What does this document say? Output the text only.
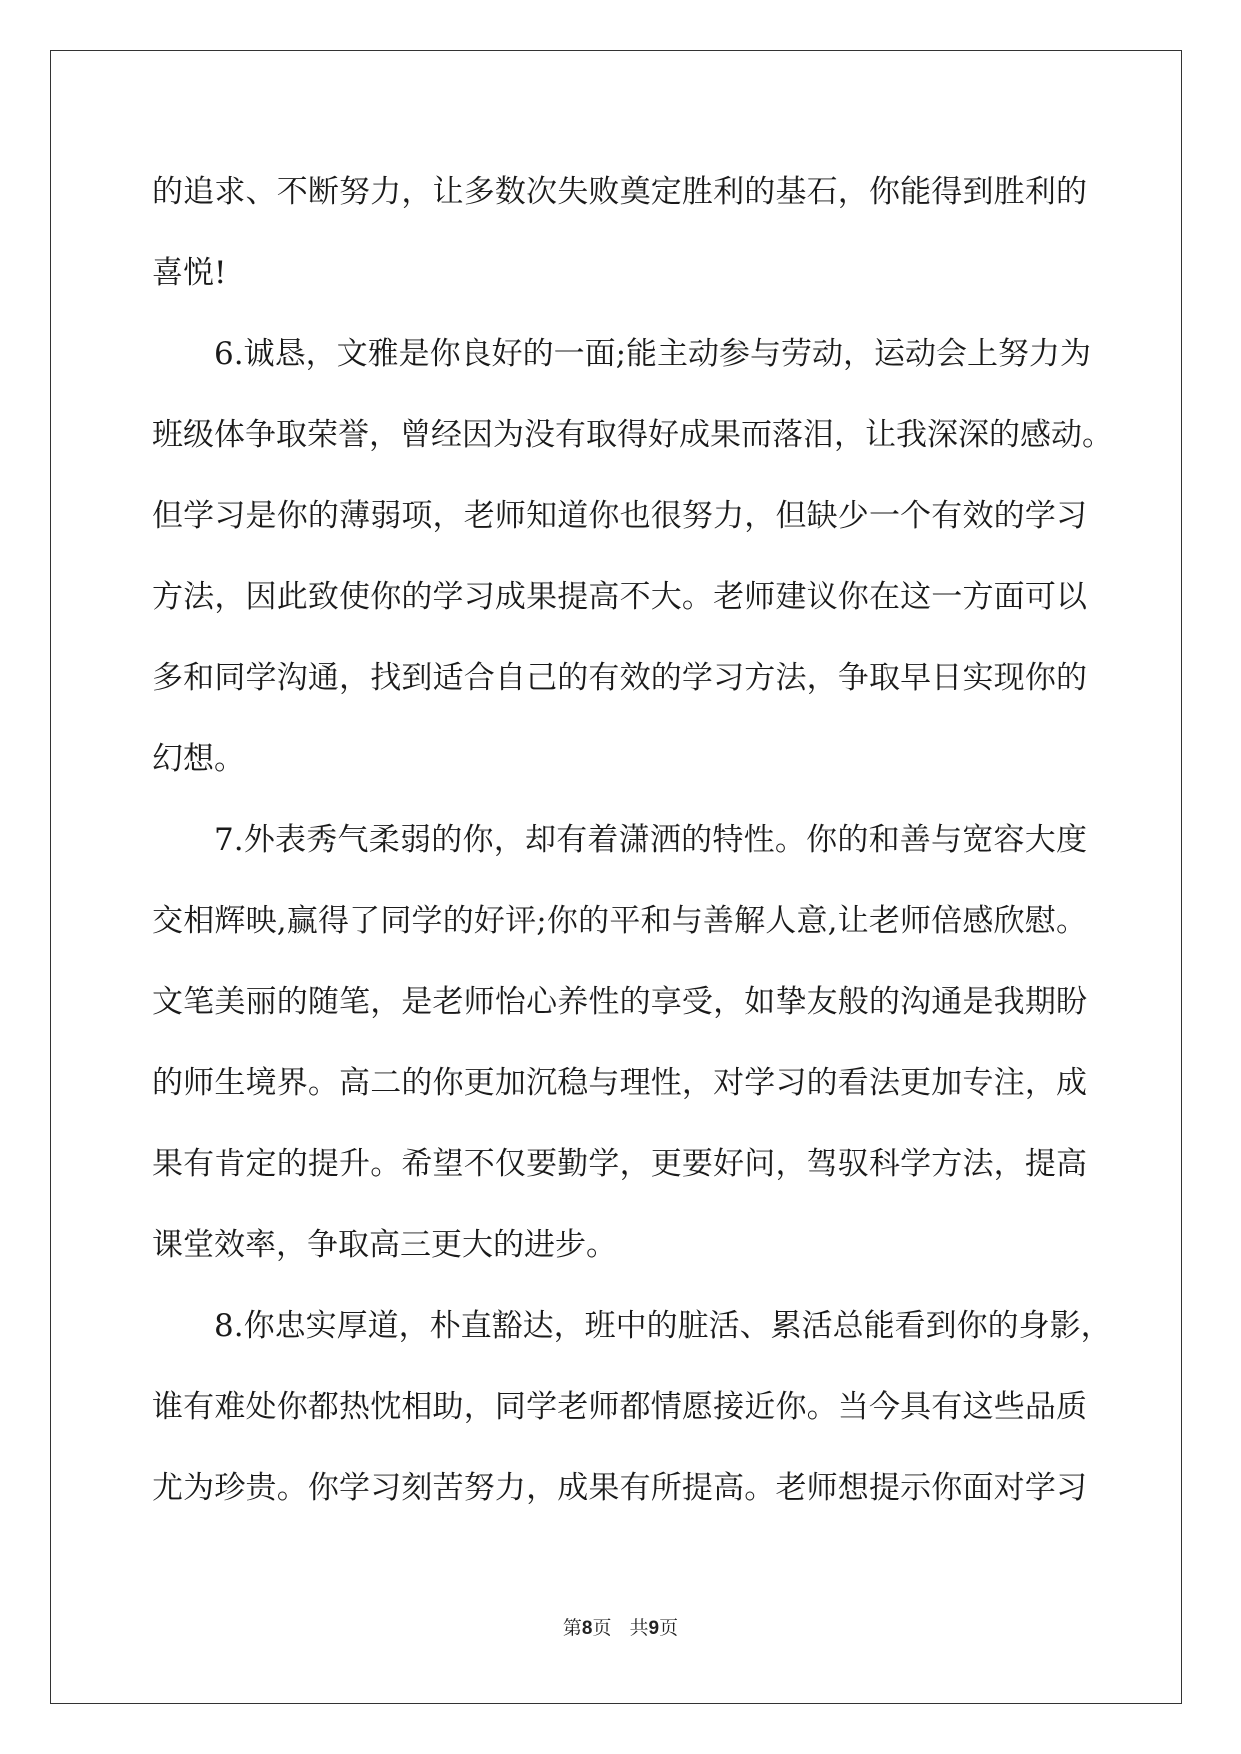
的追求、不断努力，让多数次失败奠定胜利的基石，你能得到胜利的
喜悦!
6.诚恳，文雅是你良好的一面;能主动参与劳动，运动会上努力为
班级体争取荣誉，曾经因为没有取得好成果而落泪，让我深深的感动。
但学习是你的薄弱项，老师知道你也很努力，但缺少一个有效的学习
方法，因此致使你的学习成果提高不大。老师建议你在这一方面可以
多和同学沟通，找到适合自己的有效的学习方法，争取早日实现你的
幻想。
7.外表秀气柔弱的你，却有着潇洒的特性。你的和善与宽容大度
交相辉映,赢得了同学的好评;你的平和与善解人意,让老师倍感欣慰。
文笔美丽的随笔，是老师怡心养性的享受，如挚友般的沟通是我期盼
的师生境界。高二的你更加沉稳与理性，对学习的看法更加专注，成
果有肯定的提升。希望不仅要勤学，更要好问，驾驭科学方法，提高
课堂效率，争取高三更大的进步。
8.你忠实厚道，朴直豁达，班中的脏活、累活总能看到你的身影，
谁有难处你都热忱相助，同学老师都情愿接近你。当今具有这些品质
尤为珍贵。你学习刻苦努力，成果有所提高。老师想提示你面对学习
第8页 共9页
